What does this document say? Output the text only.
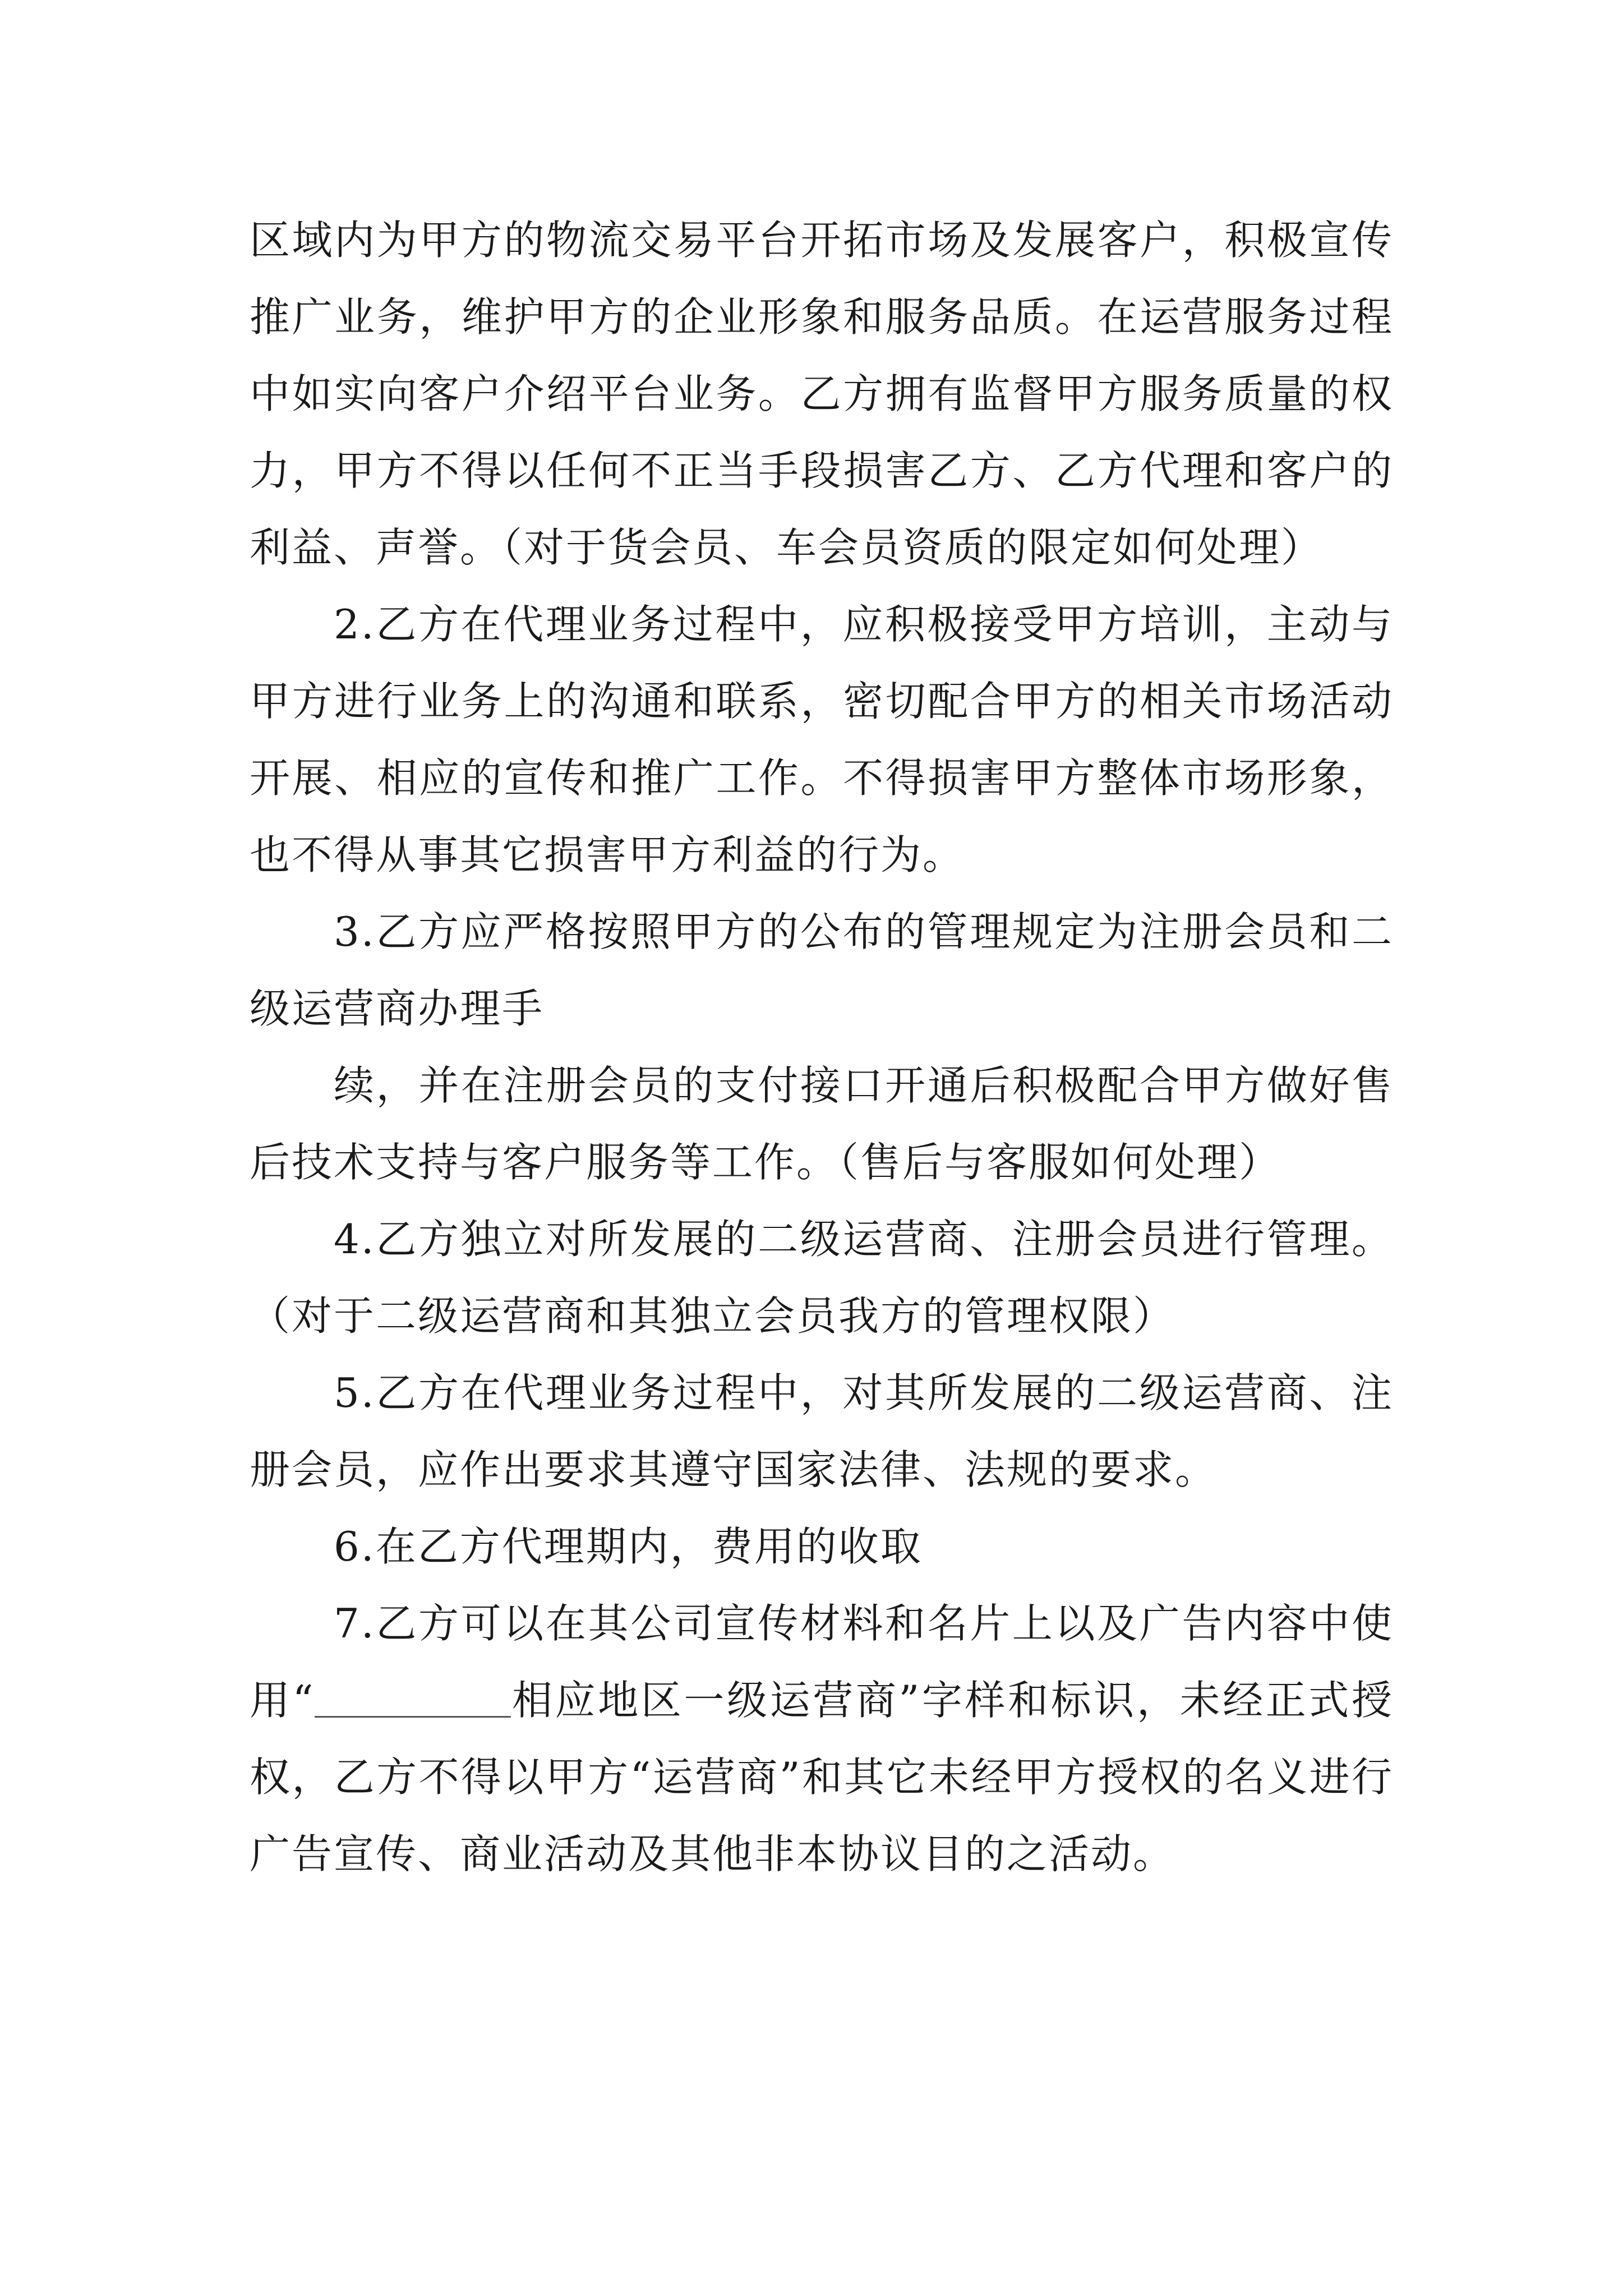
区域内为甲方的物流交易平台开拓市场及发展客户，积极宣传推广业务，维护甲方的企业形象和服务品质。在运营服务过程中如实向客户介绍平台业务。乙方拥有监督甲方服务质量的权力，甲方不得以任何不正当手段损害乙方、乙方代理和客户的利益、声誉。（对于货会员、车会员资质的限定如何处理）

2.乙方在代理业务过程中，应积极接受甲方培训，主动与甲方进行业务上的沟通和联系，密切配合甲方的相关市场活动开展、相应的宣传和推广工作。不得损害甲方整体市场形象，也不得从事其它损害甲方利益的行为。

3.乙方应严格按照甲方的公布的管理规定为注册会员和二级运营商办理手

续，并在注册会员的支付接口开通后积极配合甲方做好售后技术支持与客户服务等工作。（售后与客服如何处理）

4.乙方独立对所发展的二级运营商、注册会员进行管理。（对于二级运营商和其独立会员我方的管理权限）

5.乙方在代理业务过程中，对其所发展的二级运营商、注册会员，应作出要求其遵守国家法律、法规的要求。

6.在乙方代理期内，费用的收取

7.乙方可以在其公司宣传材料和名片上以及广告内容中使用“	相应地区一级运营商”字样和标识，未经正式授权，乙方不得以甲方“运营商”和其它未经甲方授权的名义进行广告宣传、商业活动及其他非本协议目的之活动。
